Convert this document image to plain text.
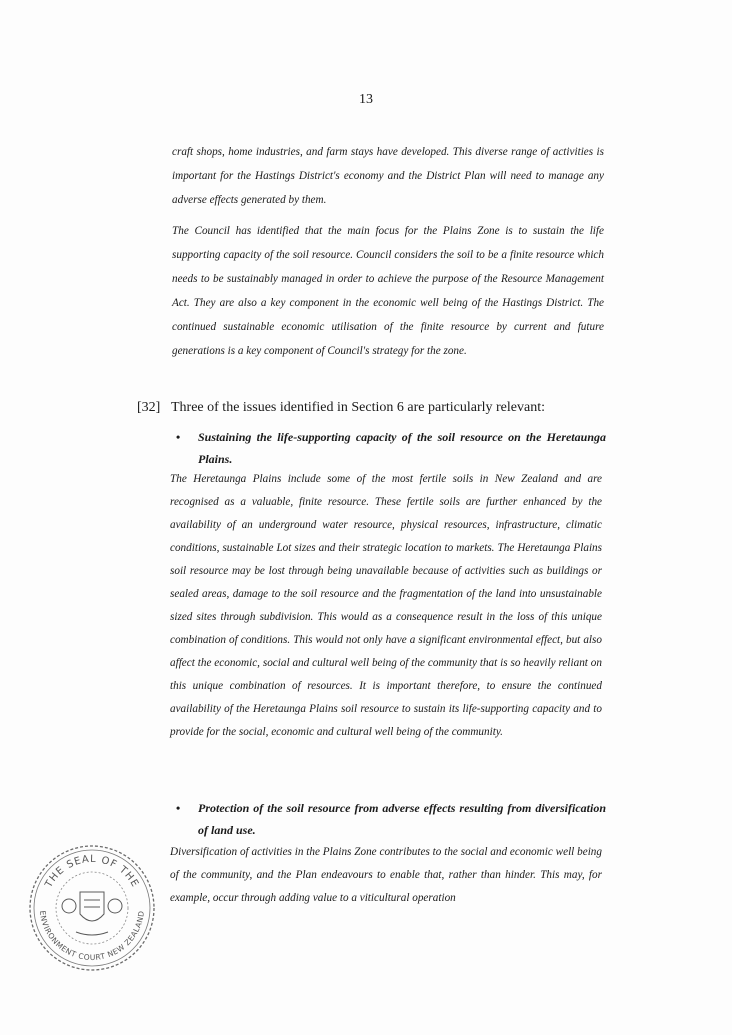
13

craft shops, home industries, and farm stays have developed. This diverse range of activities is important for the Hastings District's economy and the District Plan will need to manage any adverse effects generated by them.

The Council has identified that the main focus for the Plains Zone is to sustain the life supporting capacity of the soil resource. Council considers the soil to be a finite resource which needs to be sustainably managed in order to achieve the purpose of the Resource Management Act. They are also a key component in the economic well being of the Hastings District. The continued sustainable economic utilisation of the finite resource by current and future generations is a key component of Council's strategy for the zone.

[32] Three of the issues identified in Section 6 are particularly relevant:
• Sustaining the life-supporting capacity of the soil resource on the Heretaunga Plains.
The Heretaunga Plains include some of the most fertile soils in New Zealand and are recognised as a valuable, finite resource. These fertile soils are further enhanced by the availability of an underground water resource, physical resources, infrastructure, climatic conditions, sustainable Lot sizes and their strategic location to markets. The Heretaunga Plains soil resource may be lost through being unavailable because of activities such as buildings or sealed areas, damage to the soil resource and the fragmentation of the land into unsustainable sized sites through subdivision. This would as a consequence result in the loss of this unique combination of conditions. This would not only have a significant environmental effect, but also affect the economic, social and cultural well being of the community that is so heavily reliant on this unique combination of resources. It is important therefore, to ensure the continued availability of the Heretaunga Plains soil resource to sustain its life-supporting capacity and to provide for the social, economic and cultural well being of the community.
• Protection of the soil resource from adverse effects resulting from diversification of land use.
Diversification of activities in the Plains Zone contributes to the social and economic well being of the community, and the Plan endeavours to enable that, rather than hinder. This may, for example, occur through adding value to a viticultural operation
THE SEAL OF THE
ENVIRONMENT COURT NEW ZEALAND
